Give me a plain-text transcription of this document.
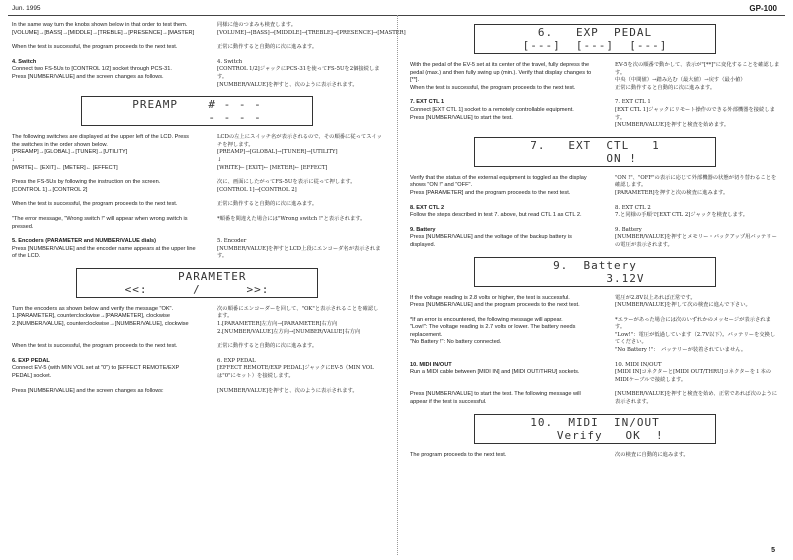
Jun. 1995	GP-100
In the same way turn the knobs shown below in that order to test them.
[VOLUME]→[BASS]→[MIDDLE]→[TREBLE]→[PRESENCE]→[MASTER]
同様に他のつまみも検査します。
[VOLUME]→[BASS]→[MIDDLE]→[TREBLE]→[PRESENCE]→[MASTER]
When the test is successful, the program proceeds to the next test.	正常に動作すると自動的に次に進みます。
4. Switch
Connect two FS-5Us to [CONTROL 1/2] socket through PCS-31.
Press [NUMBER/VALUE] and the screen changes as follows.
4. Switch
[CONTROL 1/2]ジャックにPCS-31を使ってFS-5Uを2個接続します。
[NUMBER/VALUE]を押すと、次のように表示されます。
PREAMP    # - - -
- - - -
The following switches are displayed at the upper left of the LCD. Press the switches in the order shown below.
[PREAMP]→[GLOBAL]→[TUNER]→[UTILITY]
↓
[WRITE]← [EXIT]← [METER]← [EFFECT]
LCDの左上にスイッチ名が表示されるので、その順番に従ってスイッチを押します。
[PREAMP]→[GLOBAL]→[TUNER]→[UTILITY]
↓
[WRITE]← [EXIT]← [METER]← [EFFECT]
Press the FS-5Us by following the instruction on the screen.
[CONTROL 1]→[CONTROL 2]
次に、画面にしたがってFS-5Uを表示に従って押します。
[CONTROL 1]→[CONTROL 2]
When the test is successful, the program proceeds to the next test.	正常に動作すると自動的に次に進みます。
"The error message, "Wrong switch !" will appear when wrong switch is pressed.
*順番を間違えた場合には"Wrong switch !"と表示されます。
5. Encoders (PARAMETER and NUMBER/VALUE dials)
Press [NUMBER/VALUE] and the encoder name appears at the upper line of the LCD.
5. Encoder
[NUMBER/VALUE]を押すとLCD上段にエンコーダ名が表示されます。
PARAMETER
<<:      /      >>:
Turn the encoders as shown below and verify the message "OK".
1.[PARAMETER], counterclockwise→[PARAMETER], clockwise
2.[NUMBER/VALUE], counterclockwise→[NUMBER/VALUE], clockwise
次の順番にエンコーダーを回して、"OK"と表示されることを確認します。
1.[PARAMETER]左方向→[PARAMETER]右方向
2.[NUMBER/VALUE]左方向→[NUMBER/VALUE]右方向
When the test is successful, the program proceeds to the next test.	正常に動作すると自動的に次に進みます。
6. EXP PEDAL
Connect EV-5 (with MIN VOL set at "0") to [EFFECT REMOTE/EXP PEDAL] socket.
6. EXP PEDAL
[EFFECT REMOTE/EXP PEDAL]ジャックにEV-5（MIN VOLは"0"にセット）を接続します。
Press [NUMBER/VALUE] and the screen changes as follows:	[NUMBER/VALUE]を押すと、次のように表示されます。
6.   EXP  PEDAL
[---]  [---]  [---]
With the pedal of the EV-5 set at its center of the travel, fully depress the pedal (max.) and then fully swing up (min.). Verify that display changes to [**].
When the test is successful, the program proceeds to the next test.
EV-5を次の順番で動かして、表示が"[**]"に変化することを確認します。
中央（中間値）→踏み込む（最大値）→戻す（最小値）
正常に動作すると自動的に次に進みます。
7. EXT CTL 1
Connect [EXT CTL 1] socket to a remotely controllable equipment.
Press [NUMBER/VALUE] to start the test.
7. EXT CTL 1
[EXT CTL 1]ジャックにリモート操作のできる外部機器を接続します。
[NUMBER/VALUE]を押すと検査を始めます。
7.   EXT  CTL   1
ON !
Verify that the status of the external equipment is toggled as the display shows "ON !" and "OFF".
Press [PARAMETER] and the program proceeds to the next test.
"ON !"、"OFF"の表示に応じて外部機器の状態が切り替わることを確認します。
[PARAMETER]を押すと次の検査に進みます。
8. EXT CTL 2
Follow the steps described in test 7. above, but read CTL 1 as CTL 2.
8. EXT CTL 2
7.と同様の手順で[EXT CTL 2]ジャックを検査します。
9. Battery
Press [NUMBER/VALUE] and the voltage of the backup battery is displayed.
9. Battery
[NUMBER/VALUE]を押すとメモリー・バックアップ用バッテリーの電圧が表示されます。
9.  Battery
3.12V
If the voltage reading is 2.8 volts or higher, the test is successful.
Press [NUMBER/VALUE] and the program proceeds to the next test.
電圧が2.8V以上あれば正常です。
[NUMBER/VALUE]を押して次の検査に進んで下さい。
*If an error is encountered, the following message will appear.
"Low!": The voltage reading is 2.7 volts or lower. The battery needs replacement.
"No Battery !": No battery connected.
*エラーがあった場合には次のいずれかのメッセージが表示されます。
"Low!"：電圧が低過しています（2.7V以下）。バッテリーを交換してください。
"No Battery !"：　バッテリーが装着されていません。
10. MIDI IN/OUT
Run a MIDI cable between [MIDI IN] and [MIDI OUT/THRU] sockets.
10. MIDI IN/OUT
[MIDI IN]コネクターと[MIDI OUT/THRU]コネクターを１本のMIDIケーブルで接続します。
Press [NUMBER/VALUE] to start the test. The following message will appear if the test is successful.
[NUMBER/VALUE]を押すと検査を始め、正常であれば次のように表示されます。
10.  MIDI  IN/OUT
Verify   OK  !
The program proceeds to the next test.	次の検査に自動的に進みます。
5
